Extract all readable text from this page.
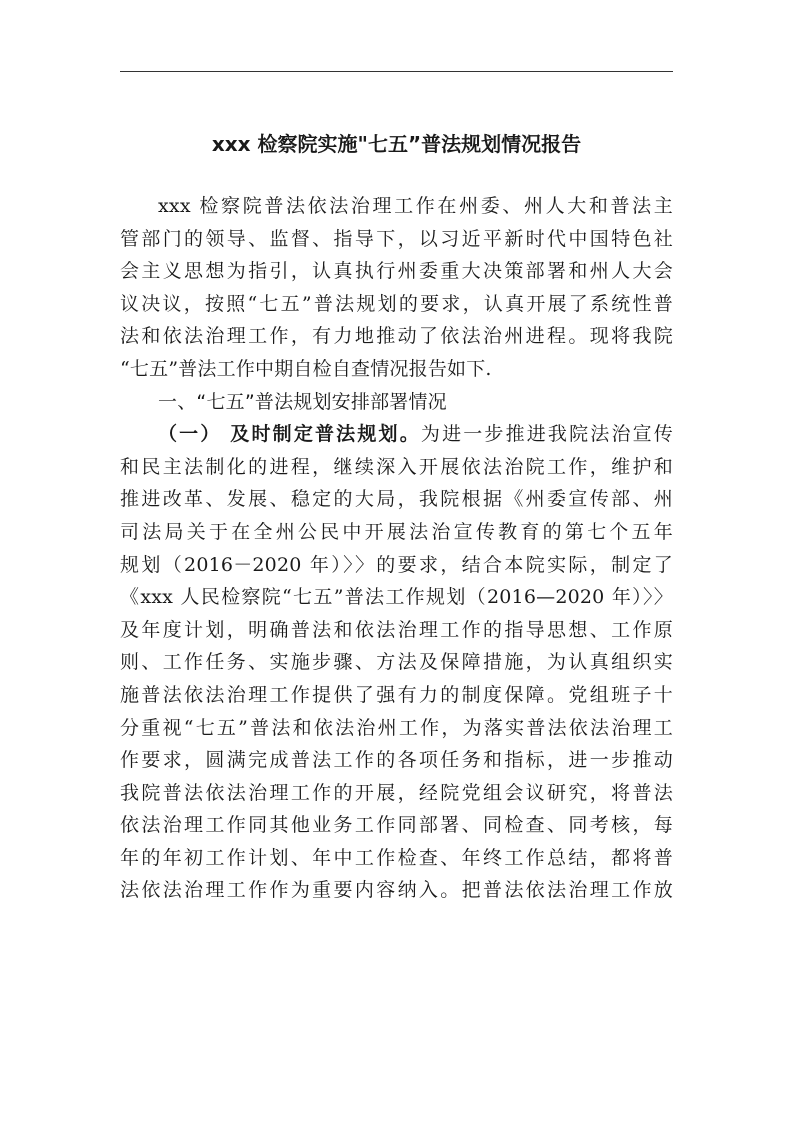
xxx 检察院实施"七五”普法规划情况报告
xxx 检察院普法依法治理工作在州委、州人大和普法主
管部门的领导、监督、指导下，以习近平新时代中国特色社
会主义思想为指引，认真执行州委重大决策部署和州人大会
议决议，按照“七五”普法规划的要求，认真开展了系统性普
法和依法治理工作，有力地推动了依法治州进程。现将我院
“七五”普法工作中期自检自查情况报告如下.
一、“七五”普法规划安排部署情况
（一） 及时制定普法规划。为进一步推进我院法治宣传
和民主法制化的进程，继续深入开展依法治院工作，维护和
推进改革、发展、稳定的大局，我院根据《州委宣传部、州
司法局关于在全州公民中开展法治宣传教育的第七个五年
规划（2016－2020 年）〉〉的要求，结合本院实际，制定了
《xxx 人民检察院“七五”普法工作规划（2016—2020 年）〉〉
及年度计划，明确普法和依法治理工作的指导思想、工作原
则、工作任务、实施步骤、方法及保障措施，为认真组织实
施普法依法治理工作提供了强有力的制度保障。党组班子十
分重视“七五”普法和依法治州工作，为落实普法依法治理工
作要求，圆满完成普法工作的各项任务和指标，进一步推动
我院普法依法治理工作的开展，经院党组会议研究，将普法
依法治理工作同其他业务工作同部署、同检查、同考核，每
年的年初工作计划、年中工作检查、年终工作总结，都将普
法依法治理工作作为重要内容纳入。把普法依法治理工作放
